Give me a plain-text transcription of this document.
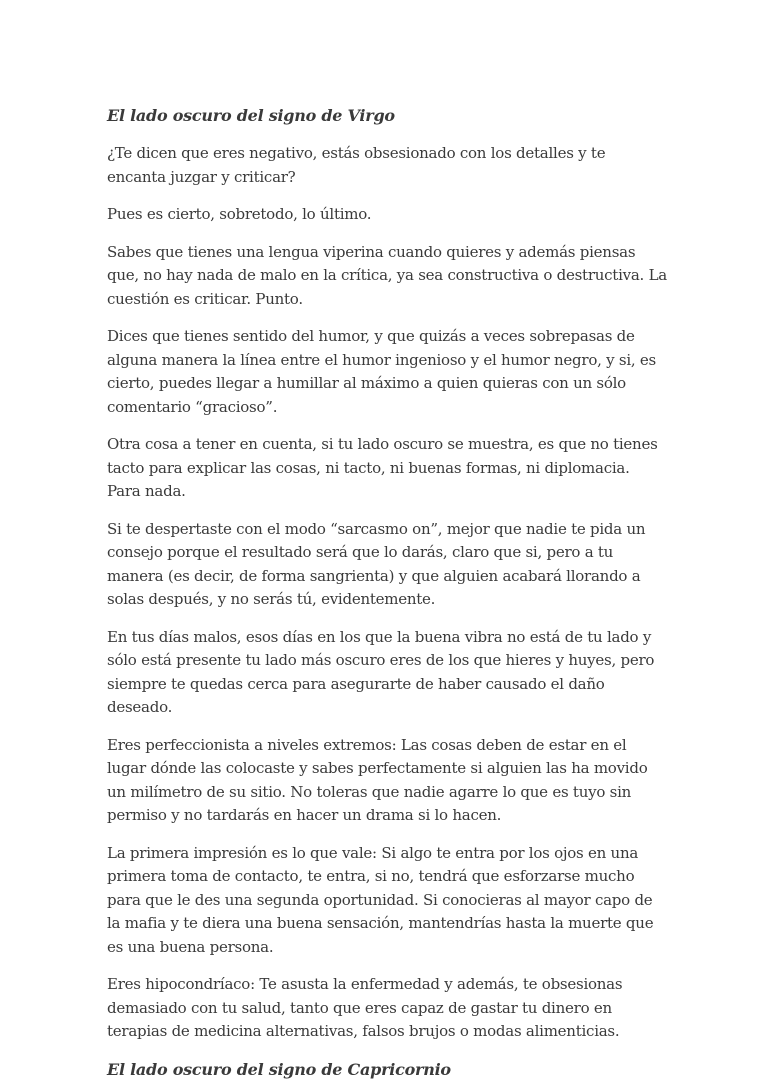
El lado oscuro del signo de Virgo

¿Te dicen que eres negativo, estás obsesionado con los detalles y te encanta juzgar y criticar?

Pues es cierto, sobretodo, lo último.

Sabes que tienes una lengua viperina cuando quieres y además piensas que, no hay nada de malo en la crítica, ya sea constructiva o destructiva. La cuestión es criticar. Punto.

Dices que tienes sentido del humor, y que quizás a veces sobrepasas de alguna manera la línea entre el humor ingenioso y el humor negro, y si, es cierto, puedes llegar a humillar al máximo a quien quieras con un sólo comentario “gracioso”.

Otra cosa a tener en cuenta, si tu lado oscuro se muestra, es que no tienes tacto para explicar las cosas, ni tacto, ni buenas formas, ni diplomacia. Para nada.

Si te despertaste con el modo “sarcasmo on”, mejor que nadie te pida un consejo porque el resultado será que lo darás, claro que si, pero a tu manera (es decir, de forma sangrienta) y que alguien acabará llorando a solas después, y no serás tú, evidentemente.

En tus días malos, esos días en los que la buena vibra no está de tu lado y sólo está presente tu lado más oscuro eres de los que hieres y huyes, pero siempre te quedas cerca para asegurarte de haber causado el daño deseado.

Eres perfeccionista a niveles extremos: Las cosas deben de estar en el lugar dónde las colocaste y sabes perfectamente si alguien las ha movido un milímetro de su sitio. No toleras que nadie agarre lo que es tuyo sin permiso y no tardarás en hacer un drama si lo hacen.

La primera impresión es lo que vale: Si algo te entra por los ojos en una primera toma de contacto, te entra, si no, tendrá que esforzarse mucho para que le des una segunda oportunidad. Si conocieras al mayor capo de la mafia y te diera una buena sensación, mantendrías hasta la muerte que es una buena persona.

Eres hipocondríaco: Te asusta la enfermedad y además, te obsesionas demasiado con tu salud, tanto que eres capaz de gastar tu dinero en terapias de medicina alternativas, falsos brujos o modas alimenticias.

El lado oscuro del signo de Capricornio
